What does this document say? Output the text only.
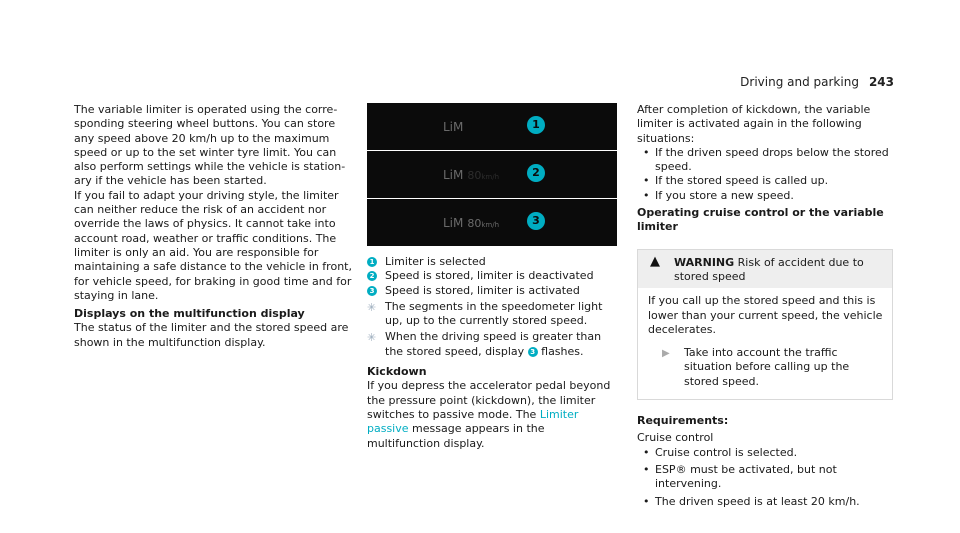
Driving and parking 243

The variable limiter is operated using the corresponding steering wheel buttons. You can store any speed above 20 km/h up to the maximum speed or up to the set winter tyre limit. You can also perform settings while the vehicle is stationary if the vehicle has been started.

If you fail to adapt your driving style, the limiter can neither reduce the risk of an accident nor override the laws of physics. It cannot take into account road, weather or traffic conditions. The limiter is only an aid. You are responsible for maintaining a safe distance to the vehicle in front, for vehicle speed, for braking in good time and for staying in lane.

Displays on the multifunction display

The status of the limiter and the stored speed are shown in the multifunction display.

LiM	1
LiM 80km/h	2
LiM 80km/h	3
1 Limiter is selected
2 Speed is stored, limiter is deactivated
3 Speed is stored, limiter is activated
✳ The segments in the speedometer light up, up to the currently stored speed.
✳ When the driving speed is greater than the stored speed, display 3 flashes.
Kickdown

If you depress the accelerator pedal beyond the pressure point (kickdown), the limiter switches to passive mode. The Limiter passive message appears in the multifunction display.

After completion of kickdown, the variable limiter is activated again in the following situations:

• If the driven speed drops below the stored speed.
• If the stored speed is called up.
• If you store a new speed.
Operating cruise control or the variable limiter
▲ WARNING Risk of accident due to stored speed

If you call up the stored speed and this is lower than your current speed, the vehicle decelerates.

▶ Take into account the traffic situation before calling up the stored speed.

Requirements:

Cruise control

• Cruise control is selected.
• ESP® must be activated, but not intervening.
• The driven speed is at least 20 km/h.
